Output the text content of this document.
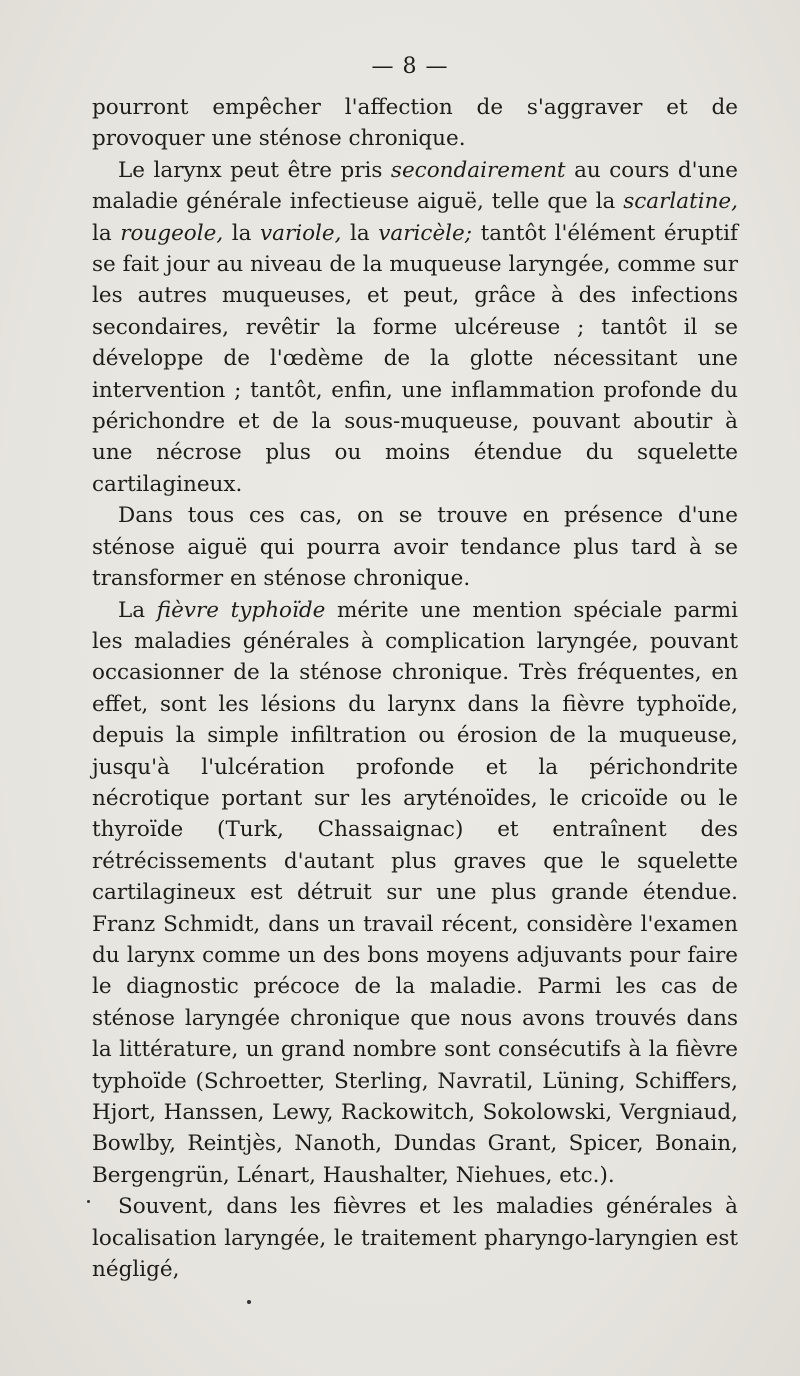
— 8 —

pourront empêcher l'affection de s'aggraver et de provoquer une sténose chronique.

Le larynx peut être pris secondairement au cours d'une maladie générale infectieuse aiguë, telle que la scarlatine, la rougeole, la variole, la varicèle; tantôt l'élément éruptif se fait jour au niveau de la muqueuse laryngée, comme sur les autres muqueuses, et peut, grâce à des infections secondaires, revêtir la forme ulcéreuse ; tantôt il se développe de l'œdème de la glotte nécessitant une intervention ; tantôt, enfin, une inflammation profonde du périchondre et de la sous-muqueuse, pouvant aboutir à une nécrose plus ou moins étendue du squelette cartilagineux.

Dans tous ces cas, on se trouve en présence d'une sténose aiguë qui pourra avoir tendance plus tard à se transformer en sténose chronique.

La fièvre typhoïde mérite une mention spéciale parmi les maladies générales à complication laryngée, pouvant occasionner de la sténose chronique. Très fréquentes, en effet, sont les lésions du larynx dans la fièvre typhoïde, depuis la simple infiltration ou érosion de la muqueuse, jusqu'à l'ulcération profonde et la périchondrite nécrotique portant sur les aryténoïdes, le cricoïde ou le thyroïde (Turk, Chassaignac) et entraînent des rétrécissements d'autant plus graves que le squelette cartilagineux est détruit sur une plus grande étendue. Franz Schmidt, dans un travail récent, considère l'examen du larynx comme un des bons moyens adjuvants pour faire le diagnostic précoce de la maladie. Parmi les cas de sténose laryngée chronique que nous avons trouvés dans la littérature, un grand nombre sont consécutifs à la fièvre typhoïde (Schroetter, Sterling, Navratil, Lüning, Schiffers, Hjort, Hanssen, Lewy, Rackowitch, Sokolowski, Vergniaud, Bowlby, Reintjès, Nanoth, Dundas Grant, Spicer, Bonain, Bergengrün, Lénart, Haushalter, Niehues, etc.).

Souvent, dans les fièvres et les maladies générales à localisation laryngée, le traitement pharyngo-laryngien est négligé,
